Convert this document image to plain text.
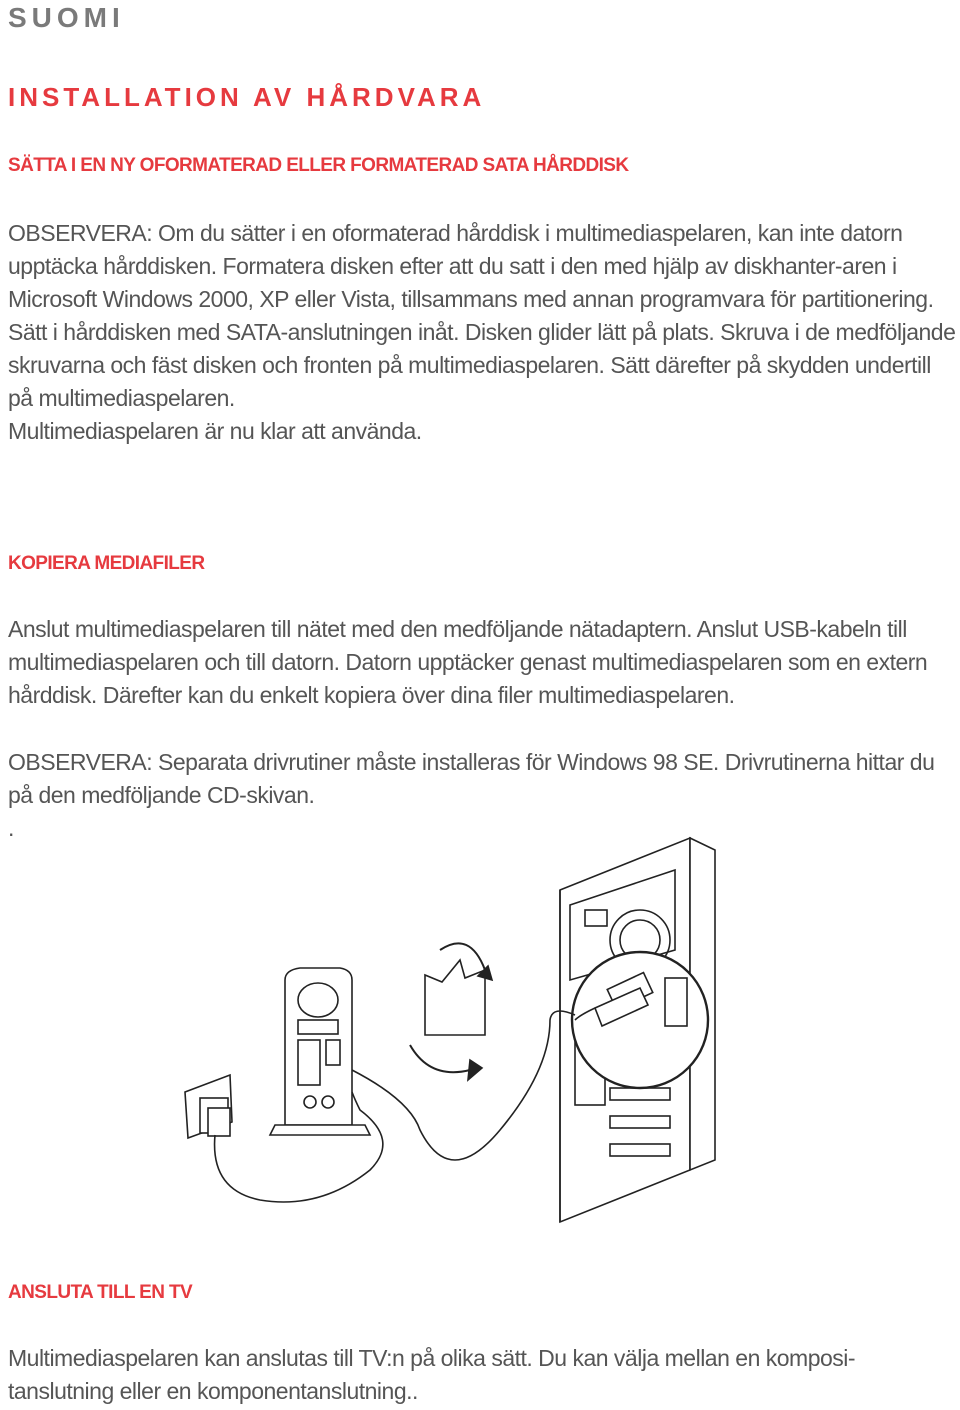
SUOMI
INSTALLATION AV HÅRDVARA
SÄTTA I EN NY OFORMATERAD ELLER FORMATERAD SATA HÅRDDISK

OBSERVERA: Om du sätter i en oformaterad hårddisk i multimediaspelaren, kan inte datorn upptäcka hårddisken. Formatera disken efter att du satt i den med hjälp av diskhanter-aren i Microsoft Windows 2000, XP eller Vista, tillsammans med annan programvara för partitionering.

Sätt i hårddisken med SATA-anslutningen inåt. Disken glider lätt på plats. Skruva i de medföljande skruvarna och fäst disken och fronten på multimediaspelaren. Sätt därefter på skydden undertill på multimediaspelaren.

Multimediaspelaren är nu klar att använda.

KOPIERA MEDIAFILER

Anslut multimediaspelaren till nätet med den medföljande nätadaptern. Anslut USB-kabeln till multimediaspelaren och till datorn. Datorn upptäcker genast multimediaspelaren som en extern hårddisk. Därefter kan du enkelt kopiera över dina filer multimediaspelaren.

OBSERVERA: Separata drivrutiner måste installeras för Windows 98 SE. Drivrutinerna hittar du på den medföljande CD-skivan.

.

ANSLUTA TILL EN TV

Multimediaspelaren kan anslutas till TV:n på olika sätt. Du kan välja mellan en komposi-tanslutning eller en komponentanslutning..
